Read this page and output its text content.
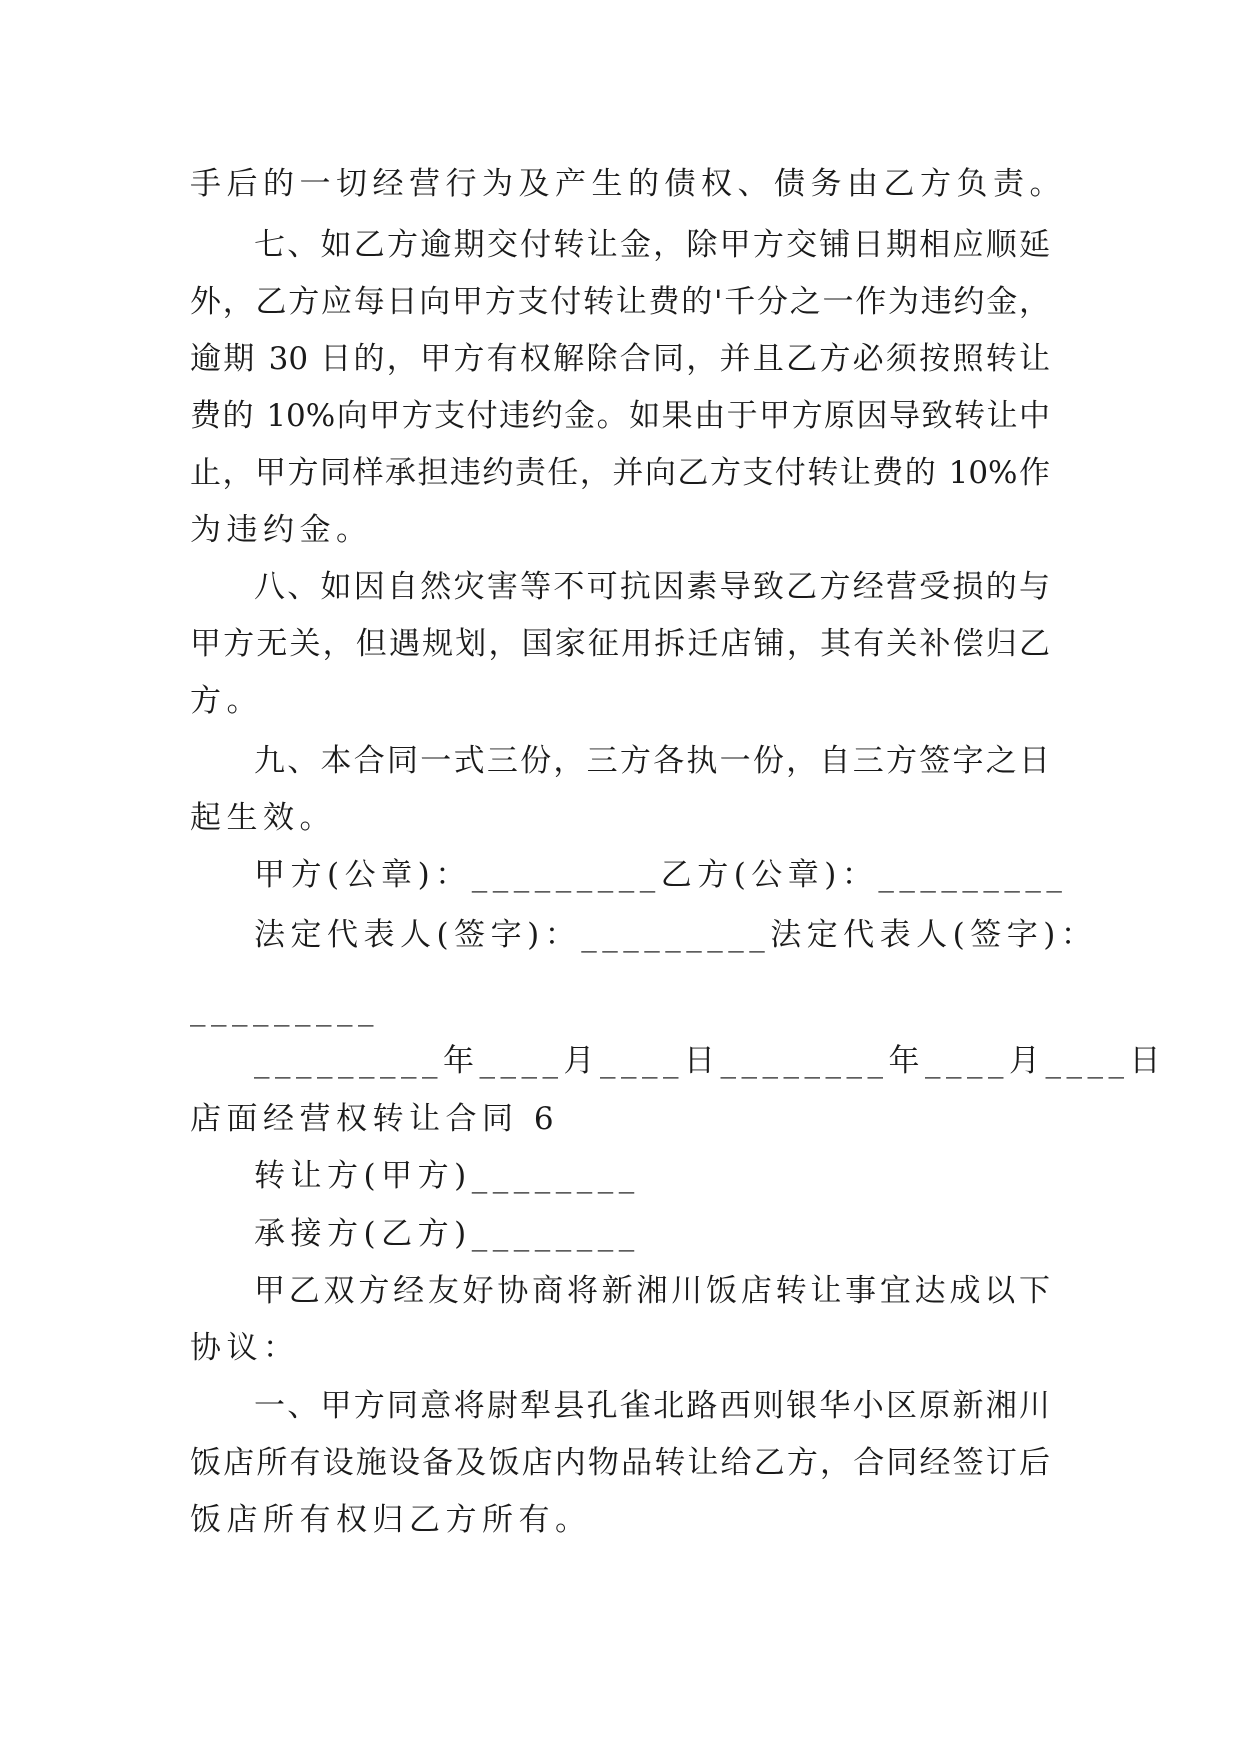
手后的一切经营行为及产生的债权、债务由乙方负责。
七、如乙方逾期交付转让金，除甲方交铺日期相应顺延
外，乙方应每日向甲方支付转让费的'千分之一作为违约金，
逾期 30 日的，甲方有权解除合同，并且乙方必须按照转让
费的 10%向甲方支付违约金。如果由于甲方原因导致转让中
止，甲方同样承担违约责任，并向乙方支付转让费的 10%作
为违约金。
八、如因自然灾害等不可抗因素导致乙方经营受损的与
甲方无关，但遇规划，国家征用拆迁店铺，其有关补偿归乙
方。
九、本合同一式三份，三方各执一份，自三方签字之日
起生效。
甲方(公章)：_________乙方(公章)：_________
法定代表人(签字)：_________法定代表人(签字)：
_________
_________年____月____日________年____月____日
店面经营权转让合同 6
转让方(甲方)________
承接方(乙方)________
甲乙双方经友好协商将新湘川饭店转让事宜达成以下
协议：
一、甲方同意将尉犁县孔雀北路西则银华小区原新湘川
饭店所有设施设备及饭店内物品转让给乙方，合同经签订后
饭店所有权归乙方所有。
